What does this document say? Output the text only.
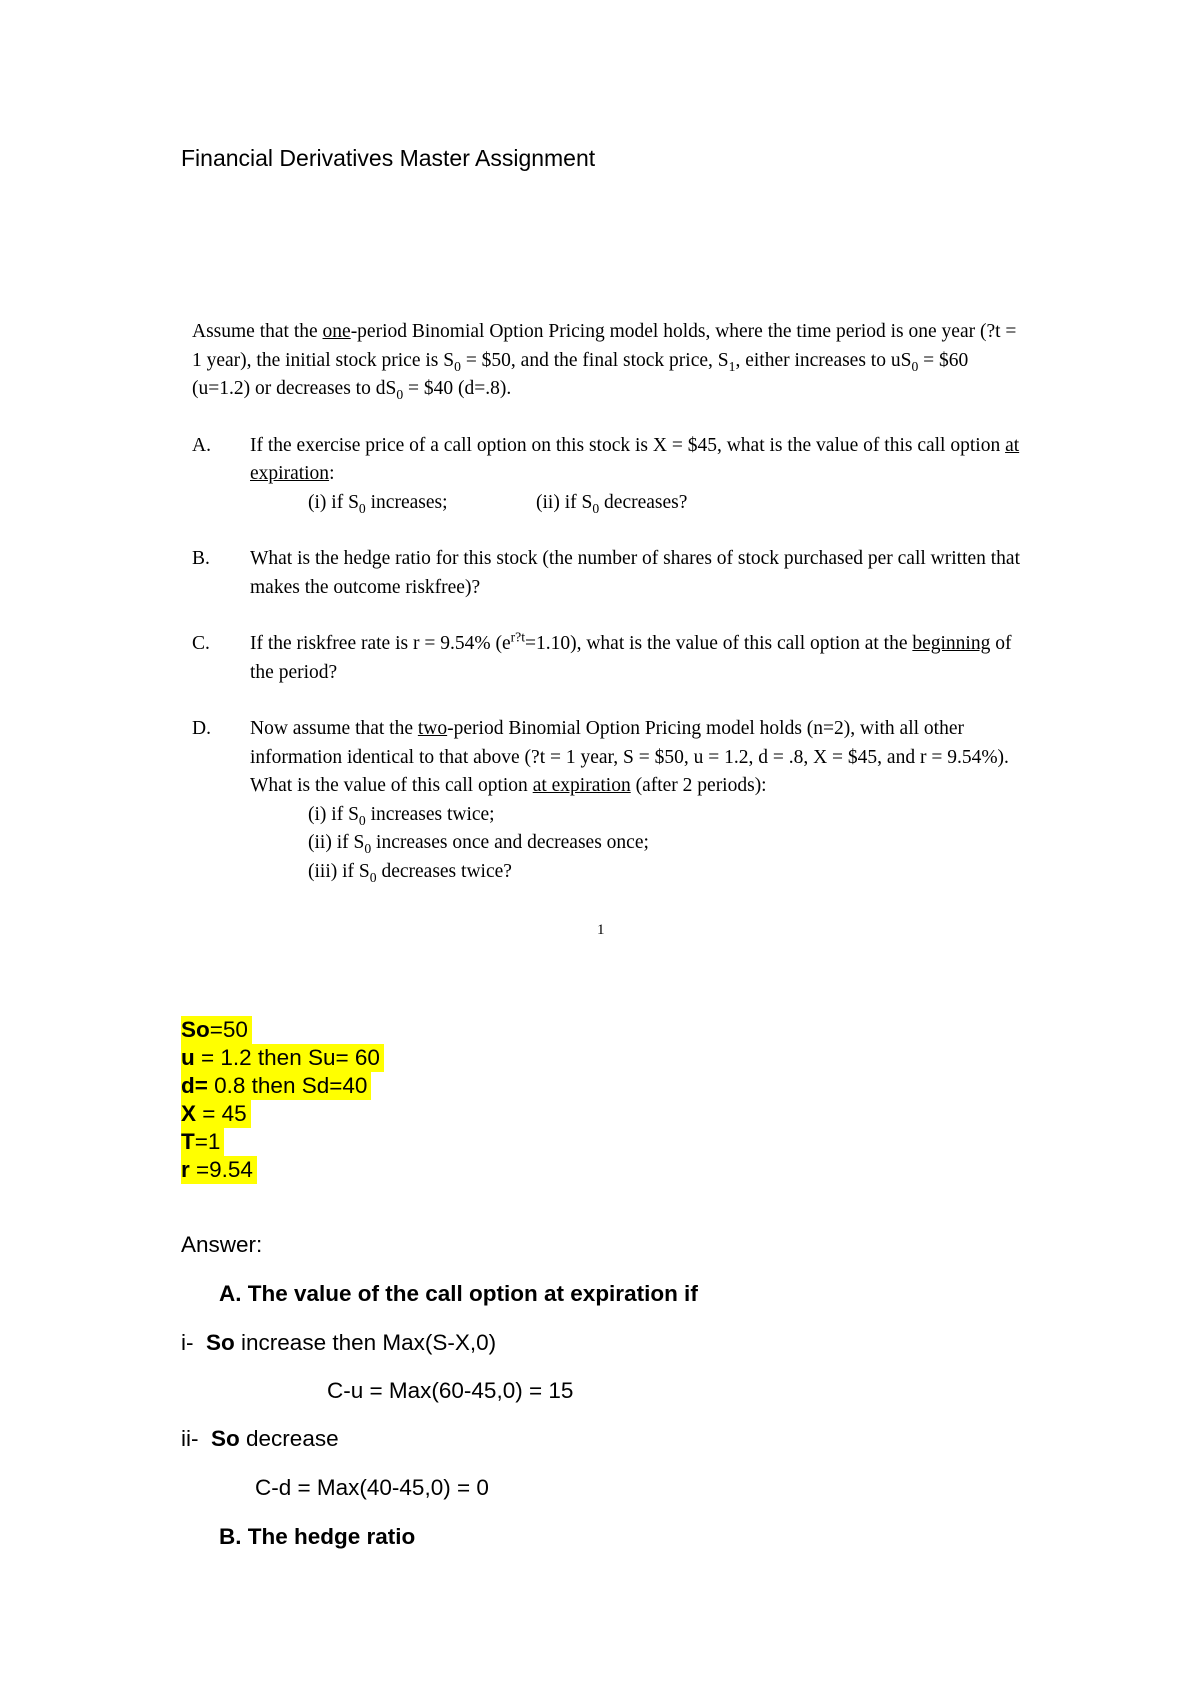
Financial Derivatives Master Assignment

Assume that the one-period Binomial Option Pricing model holds, where the time period is one year (?t = 1 year), the initial stock price is $S_0$ = $50, and the final stock price, $S_1$, either increases to $uS_0$ = $60 (u=1.2) or decreases to $dS_0$ = $40 (d=.8).

A. If the exercise price of a call option on this stock is X = $45, what is the value of this call option at expiration:

(i) if $S_0$ increases;	(ii) if $S_0$ decreases?
B. What is the hedge ratio for this stock (the number of shares of stock purchased per call written that makes the outcome riskfree)?

C. If the riskfree rate is r = 9.54% $(e^{r?t}=1.10)$, what is the value of this call option at the beginning of the period?

D. Now assume that the two-period Binomial Option Pricing model holds (n=2), with all other information identical to that above (?t = 1 year, S = $50, u = 1.2, d = .8, X = $45, and r = 9.54%). What is the value of this call option at expiration (after 2 periods):

(i) if $S_0$ increases twice;

(ii) if $S_0$ increases once and decreases once;

(iii) if $S_0$ decreases twice?

1
So=50
u = 1.2 then Su= 60
d= 0.8 then Sd=40
X = 45
T=1
r =9.54
Answer:
A. The value of the call option at expiration if
i- So increase then Max(S-X,0)
C-u = Max(60-45,0) = 15
ii- So decrease
C-d = Max(40-45,0) = 0
B. The hedge ratio
